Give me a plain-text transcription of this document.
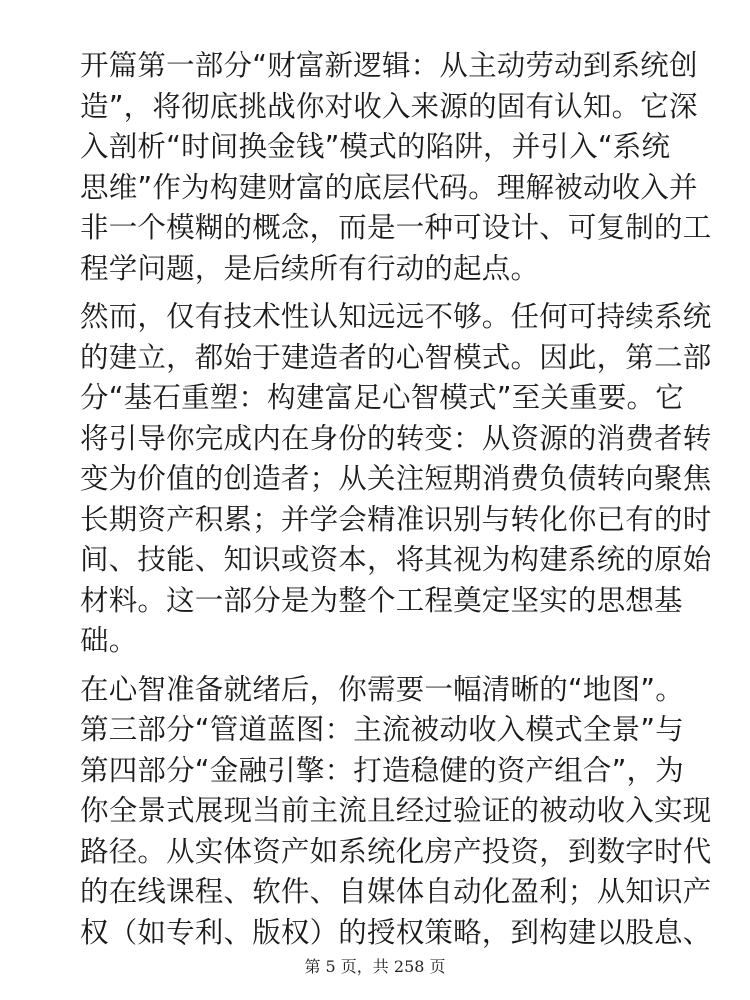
开篇第一部分“财富新逻辑：从主动劳动到系统创
造”，将彻底挑战你对收入来源的固有认知。它深
入剖析“时间换金钱”模式的陷阱，并引入“系统
思维”作为构建财富的底层代码。理解被动收入并
非一个模糊的概念，而是一种可设计、可复制的工
程学问题，是后续所有行动的起点。
然而，仅有技术性认知远远不够。任何可持续系统
的建立，都始于建造者的心智模式。因此，第二部
分“基石重塑：构建富足心智模式”至关重要。它
将引导你完成内在身份的转变：从资源的消费者转
变为价值的创造者；从关注短期消费负债转向聚焦
长期资产积累；并学会精准识别与转化你已有的时
间、技能、知识或资本，将其视为构建系统的原始
材料。这一部分是为整个工程奠定坚实的思想基
础。
在心智准备就绪后，你需要一幅清晰的“地图”。
第三部分“管道蓝图：主流被动收入模式全景”与
第四部分“金融引擎：打造稳健的资产组合”，为
你全景式展现当前主流且经过验证的被动收入实现
路径。从实体资产如系统化房产投资，到数字时代
的在线课程、软件、自媒体自动化盈利；从知识产
权（如专利、版权）的授权策略，到构建以股息、
第 5 页，共 258 页
